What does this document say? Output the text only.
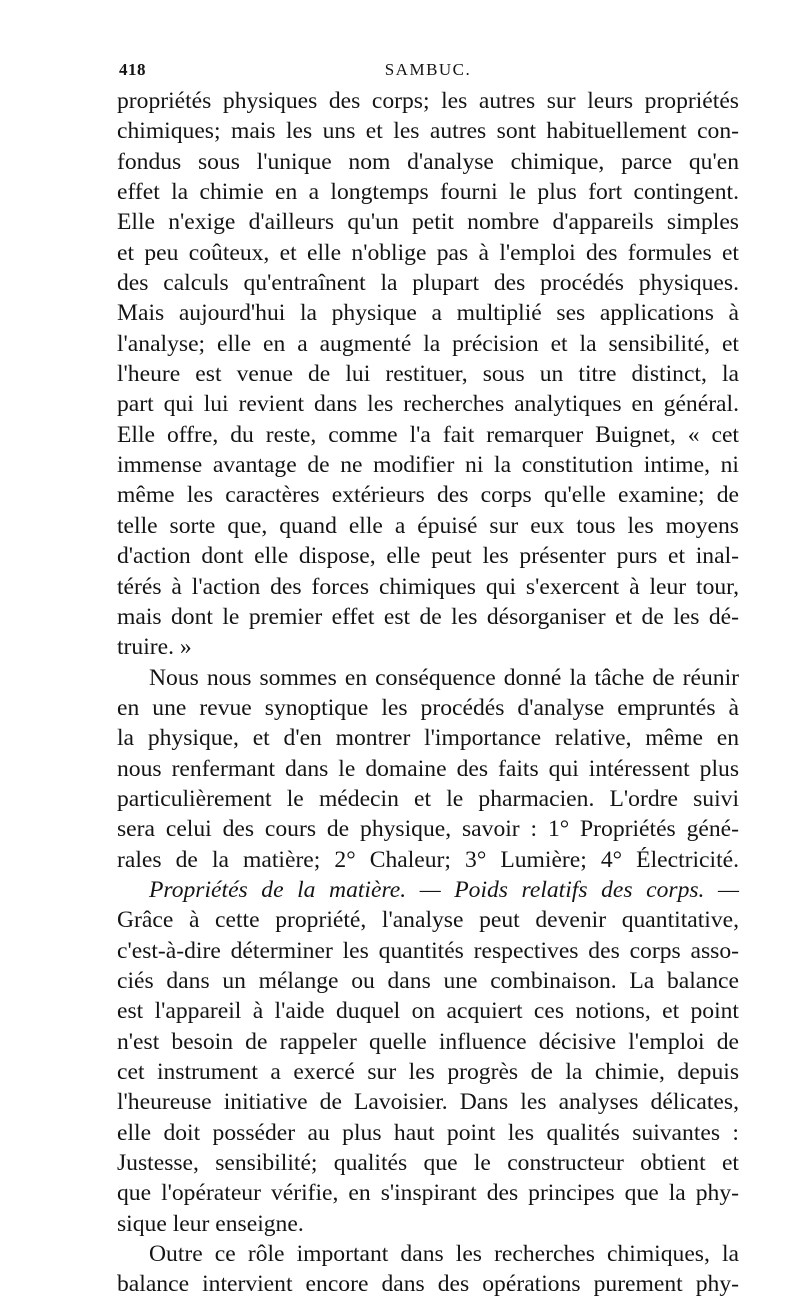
418	SAMBUC.

propriétés physiques des corps; les autres sur leurs propriétés
chimiques; mais les uns et les autres sont habituellement con-
fondus sous l'unique nom d'analyse chimique, parce qu'en
effet la chimie en a longtemps fourni le plus fort contingent.
Elle n'exige d'ailleurs qu'un petit nombre d'appareils simples
et peu coûteux, et elle n'oblige pas à l'emploi des formules et
des calculs qu'entraînent la plupart des procédés physiques.
Mais aujourd'hui la physique a multiplié ses applications à
l'analyse; elle en a augmenté la précision et la sensibilité, et
l'heure est venue de lui restituer, sous un titre distinct, la
part qui lui revient dans les recherches analytiques en général.
Elle offre, du reste, comme l'a fait remarquer Buignet, « cet
immense avantage de ne modifier ni la constitution intime, ni
même les caractères extérieurs des corps qu'elle examine; de
telle sorte que, quand elle a épuisé sur eux tous les moyens
d'action dont elle dispose, elle peut les présenter purs et inal-
térés à l'action des forces chimiques qui s'exercent à leur tour,
mais dont le premier effet est de les désorganiser et de les dé-
truire. »

Nous nous sommes en conséquence donné la tâche de réunir
en une revue synoptique les procédés d'analyse empruntés à
la physique, et d'en montrer l'importance relative, même en
nous renfermant dans le domaine des faits qui intéressent plus
particulièrement le médecin et le pharmacien. L'ordre suivi
sera celui des cours de physique, savoir : 1° Propriétés géné-
rales de la matière; 2° Chaleur; 3° Lumière; 4° Électricité.

Propriétés de la matière. — Poids relatifs des corps. —
Grâce à cette propriété, l'analyse peut devenir quantitative,
c'est-à-dire déterminer les quantités respectives des corps asso-
ciés dans un mélange ou dans une combinaison. La balance
est l'appareil à l'aide duquel on acquiert ces notions, et point
n'est besoin de rappeler quelle influence décisive l'emploi de
cet instrument a exercé sur les progrès de la chimie, depuis
l'heureuse initiative de Lavoisier. Dans les analyses délicates,
elle doit posséder au plus haut point les qualités suivantes :
Justesse, sensibilité; qualités que le constructeur obtient et
que l'opérateur vérifie, en s'inspirant des principes que la phy-
sique leur enseigne.

Outre ce rôle important dans les recherches chimiques, la
balance intervient encore dans des opérations purement phy-
